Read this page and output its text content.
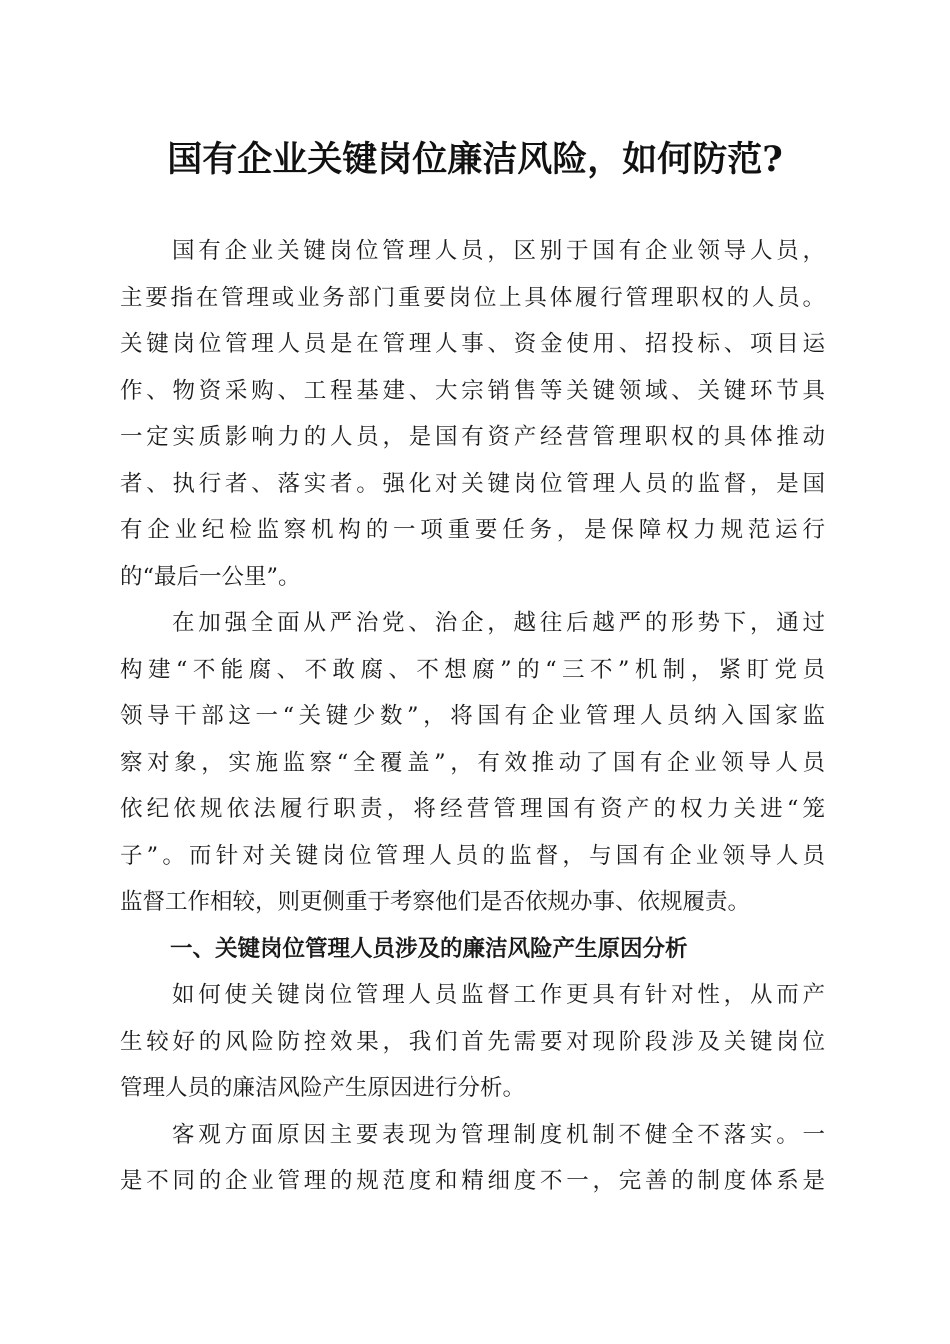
国有企业关键岗位廉洁风险，如何防范?
国有企业关键岗位管理人员，区别于国有企业领导人员，
主要指在管理或业务部门重要岗位上具体履行管理职权的人员。
关键岗位管理人员是在管理人事、资金使用、招投标、项目运
作、物资采购、工程基建、大宗销售等关键领域、关键环节具
一定实质影响力的人员，是国有资产经营管理职权的具体推动
者、执行者、落实者。强化对关键岗位管理人员的监督，是国
有企业纪检监察机构的一项重要任务，是保障权力规范运行
的“最后一公里”。
在加强全面从严治党、治企，越往后越严的形势下，通过
构建“不能腐、不敢腐、不想腐”的“三不”机制，紧盯党员
领导干部这一“关键少数”，将国有企业管理人员纳入国家监
察对象，实施监察“全覆盖”，有效推动了国有企业领导人员
依纪依规依法履行职责，将经营管理国有资产的权力关进“笼
子”。而针对关键岗位管理人员的监督，与国有企业领导人员
监督工作相较，则更侧重于考察他们是否依规办事、依规履责。
一、关键岗位管理人员涉及的廉洁风险产生原因分析
如何使关键岗位管理人员监督工作更具有针对性，从而产
生较好的风险防控效果，我们首先需要对现阶段涉及关键岗位
管理人员的廉洁风险产生原因进行分析。
客观方面原因主要表现为管理制度机制不健全不落实。一
是不同的企业管理的规范度和精细度不一，完善的制度体系是
